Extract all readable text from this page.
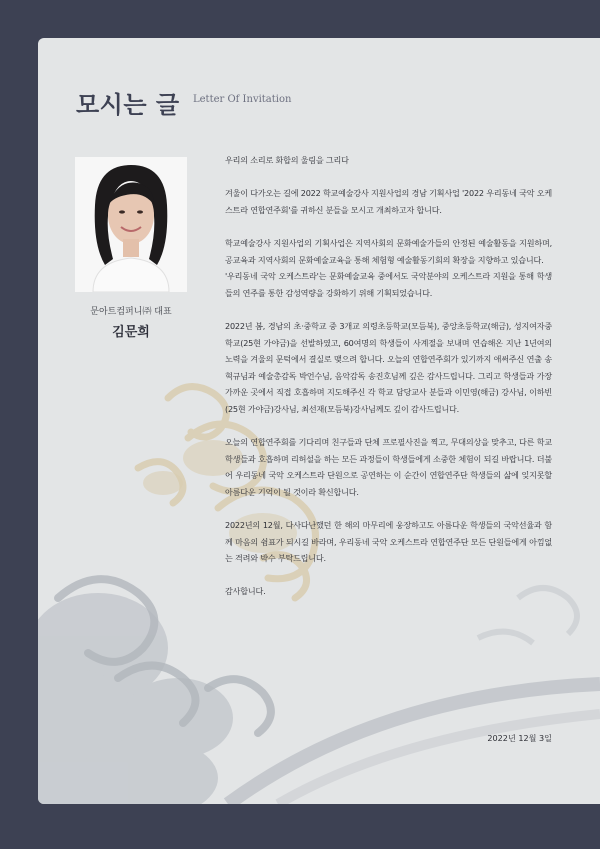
모시는 글 Letter Of Invitation
문아트컴퍼니㈜ 대표
김문희

우리의 소리로 화합의 울림을 그리다

겨울이 다가오는 길에 2022 학교예술강사 지원사업의 경남 기획사업 '2022 우리동네 국악 오케스트라 연합연주회'를 귀하신 분들을 모시고 개최하고자 합니다.

학교예술강사 지원사업의 기획사업은 지역사회의 문화예술가들의 안정된 예술활동을 지원하며, 공교육과 지역사회의 문화예술교육을 통해 체험형 예술활동기회의 확장을 지향하고 있습니다.

'우리동네 국악 오케스트라'는 문화예술교육 중에서도 국악분야의 오케스트라 지원을 통해 학생들의 연주를 통한 감성역량을 강화하기 위해 기획되었습니다.

2022년 봄, 경남의 초·중학교 중 3개교 의령초등학교(모듬북), 중앙초등학교(해금), 성지여자중학교(25현 가야금)을 선발하였고, 60여명의 학생들이 사계절을 보내며 연습해온 지난 1년여의 노력을 겨울의 문턱에서 결실로 맺으려 합니다. 오늘의 연합연주회가 있기까지 애써주신 연출 송혁규님과 예술총감독 박언수님, 음악감독 송진호님께 깊은 감사드립니다. 그리고 학생들과 가장 가까운 곳에서 직접 호흡하며 지도해주신 각 학교 담당교사 분들과 이민영(해금) 강사님, 이하빈(25현 가야금)강사님, 최선재(모듬북)강사님께도 깊이 감사드립니다.

오늘의 연합연주회를 기다리며 친구들과 단체 프로필사진을 찍고, 무대의상을 맞추고, 다른 학교 학생들과 호흡하며 리허설을 하는 모든 과정들이 학생들에게 소중한 체험이 되길 바랍니다. 더불어 우리동네 국악 오케스트라 단원으로 공연하는 이 순간이 연합연주단 학생들의 삶에 잊지못할 아름다운 기억이 될 것이라 확신합니다.

2022년의 12월, 다사다난했던 한 해의 마무리에 웅장하고도 아름다운 학생들의 국악선율과 함께 마음의 쉼표가 되시길 바라며, 우리동네 국악 오케스트라 연합연주단 모든 단원들에게 아낌없는 격려와 박수 부탁드립니다.

감사합니다.

2022년 12월 3일
